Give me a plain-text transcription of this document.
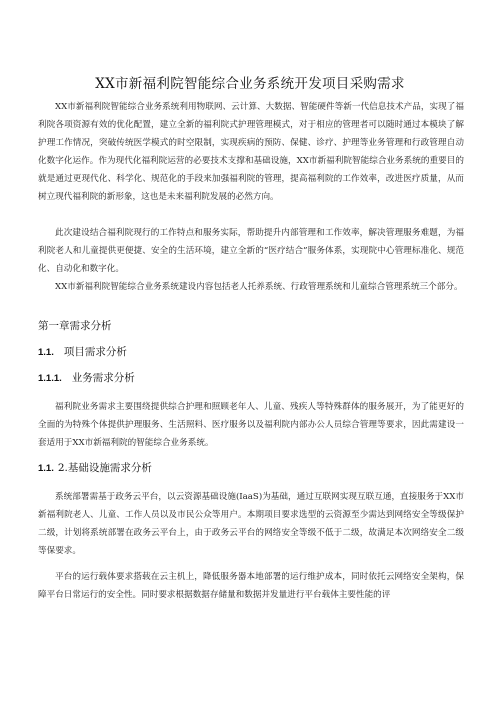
XX市新福利院智能综合业务系统开发项目采购需求
XX市新福利院智能综合业务系统利用物联网、云计算、大数据、智能硬件等新一代信息技术产品，实现了福利院各项资源有效的优化配置，建立全新的福利院式护理管理模式，对于相应的管理者可以随时通过本模块了解护理工作情况，突破传统医学模式的时空限制，实现疾病的预防、保健、诊疗、护理等业务管理和行政管理自动化数字化运作。作为现代化福利院运营的必要技术支撑和基础设施，XX市新福利院智能综合业务系统的重要目的就是通过更现代化、科学化、规范化的手段来加强福利院的管理，提高福利院的工作效率，改进医疗质量，从而树立现代福利院的新形象，这也是未来福利院发展的必然方向。
此次建设结合福利院现行的工作特点和服务实际，帮助提升内部管理和工作效率，解决管理服务难题，为福利院老人和儿童提供更便捷、安全的生活环境，建立全新的“医疗结合”服务体系，实现院中心管理标准化、规范化、自动化和数字化。
XX市新福利院智能综合业务系统建设内容包括老人托养系统、行政管理系统和儿童综合管理系统三个部分。
第一章需求分析
1.1. 项目需求分析
1.1.1. 业务需求分析
福利院业务需求主要围绕提供综合护理和照顾老年人、儿童、残疾人等特殊群体的服务展开，为了能更好的全面的为特殊个体提供护理服务、生活照料、医疗服务以及福利院内部办公人员综合管理等要求，因此需建设一套适用于XX市新福利院的智能综合业务系统。
1.1. 2.基础设施需求分析
系统部署需基于政务云平台，以云资源基础设施(IaaS)为基础，通过互联网实现互联互通，直接服务于XX市新福利院老人、儿童、工作人员以及市民公众等用户。本期项目要求选型的云资源至少需达到网络安全等级保护二级，计划将系统部署在政务云平台上，由于政务云平台的网络安全等级不低于二级，故满足本次网络安全二级等保要求。
平台的运行载体要求搭载在云主机上，降低服务器本地部署的运行维护成本，同时依托云网络安全架构，保障平台日常运行的安全性。同时要求根据数据存储量和数据并发量进行平台载体主要性能的评
